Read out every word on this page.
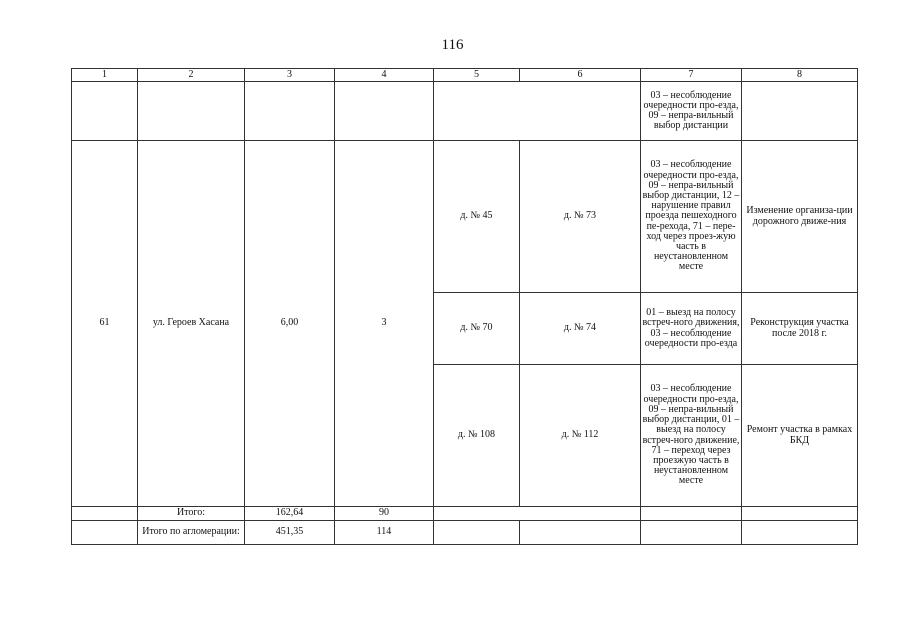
116
1	2	3	4	5	6	7	8
						03 – несоблюдение очередности про-езда, 09 – непра-вильный выбор дистанции	
61	ул. Героев Хасана	6,00	3	д. № 45	д. № 73	03 – несоблюдение очередности про-езда, 09 – непра-вильный выбор дистанции, 12 – нарушение правил проезда пешеходного пе-рехода, 71 – пере-ход через проез-жую часть в неустановленном месте	Изменение организа-ции дорожного движе-ния
				д. № 70	д. № 74	01 – выезд на полосу встреч-ного движения, 03 – несоблюдение очередности про-езда	Реконструкция участка после 2018 г.
				д. № 108	д. № 112	03 – несоблюдение очередности про-езда, 09 – непра-вильный выбор дистанции, 01 – выезд на полосу встреч-ного движение, 71 – переход через проезжую часть в неустановленном месте	Ремонт участка в рамках БКД
	Итого:	162,64	90				
	Итого по агломерации:	451,35	114				
